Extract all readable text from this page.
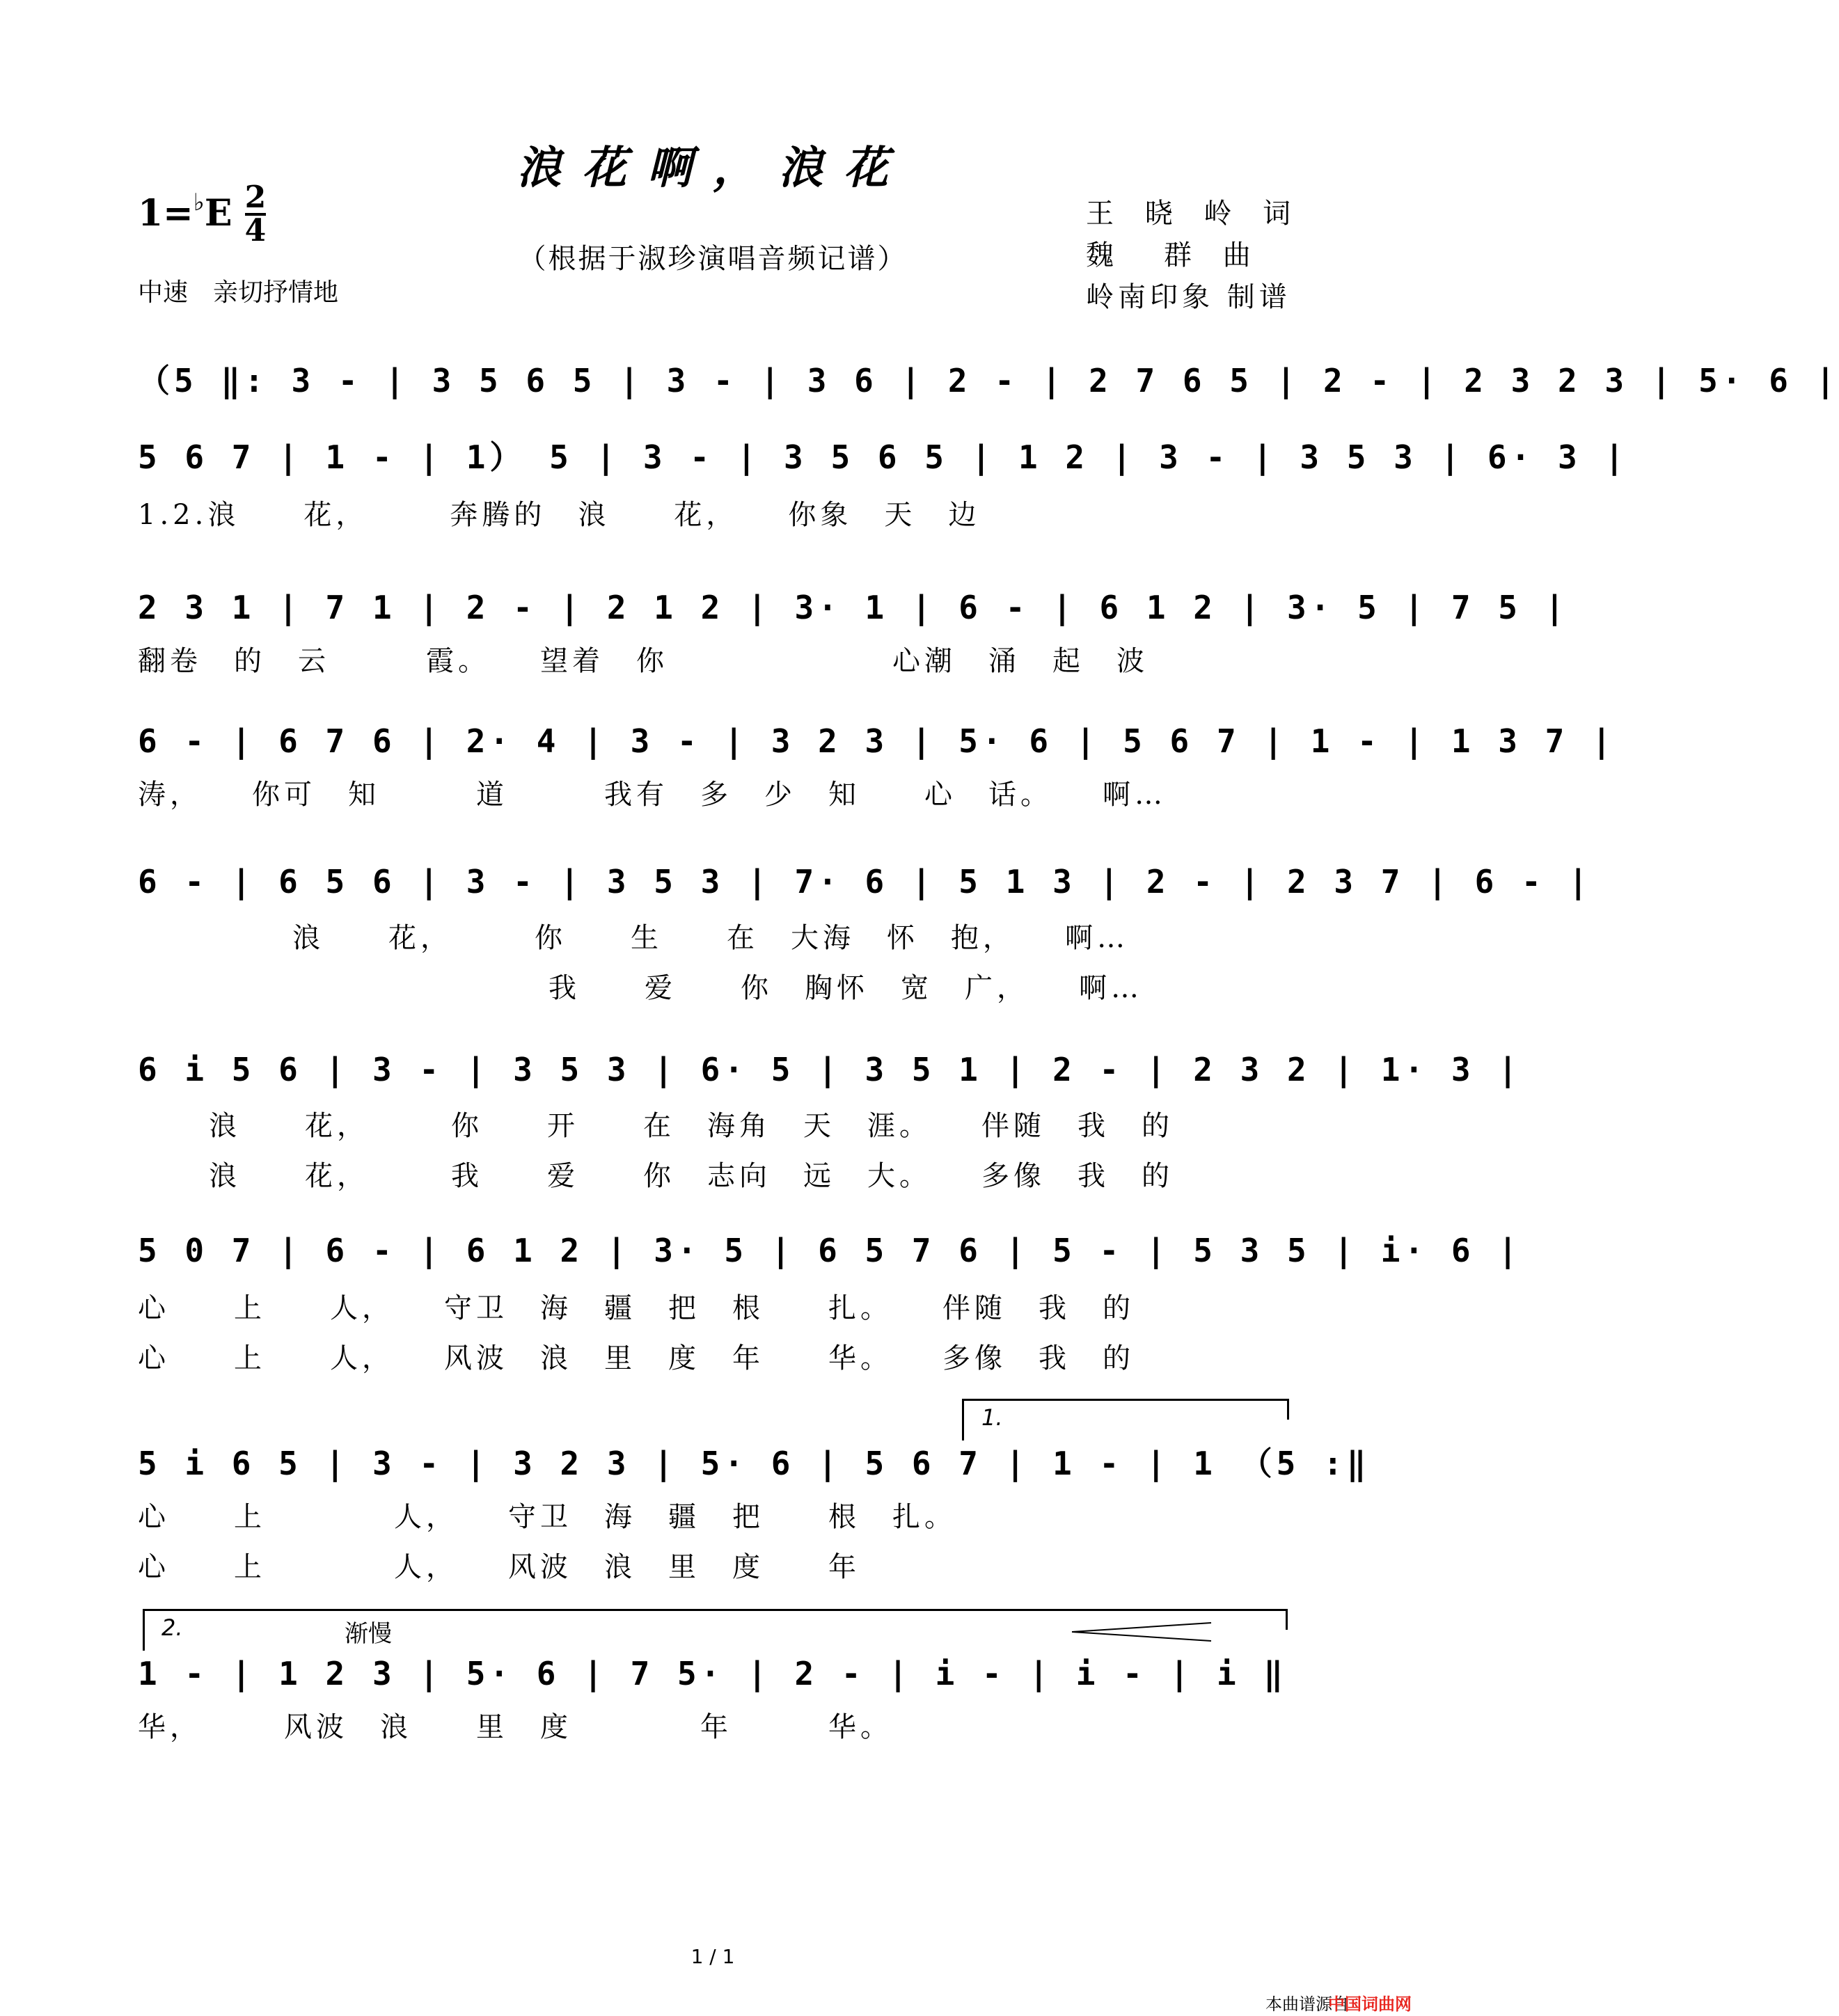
浪花啊，浪花
$1=^♭E \frac{2}{4}$
中速　亲切抒情地
（根据于淑珍演唱音频记谱）
王 晓 岭 词
魏　群 曲
岭南印象 制谱
（5 ‖: 3 - | 3 5 6 5 | 3 - | 3 6 | 2 - | 2 7 6 5 | 2 - | 2 3 2 3 | 5· 6 |
5 6 7 | 1 - | 1） 5 | 3 - | 3 5 6 5 | 1 2 | 3 - | 3 5 3 | 6· 3 |
1.2.浪　　花，　　　奔腾的　浪　　花，　　你象　天　边
2 3 1 | 7 1 | 2 - | 2 1 2 | 3· 1 | 6 - | 6 1 2 | 3· 5 | 7 5 |
翻卷　的　云　　　霞。　　望着　你　　　　　　　心潮　涌　起　波
6 - | 6 7 6 | 2· 4 | 3 - | 3 2 3 | 5· 6 | 5 6 7 | 1 - | 1 3 7 |
涛，　　你可　知　　　道　　　我有　多　少　知　　心　话。　　啊…
6 - | 6 5 6 | 3 - | 3 5 3 | 7· 6 | 5 1 3 | 2 - | 2 3 7 | 6 - |
浪　　花，　　　你　　生　　在　大海　怀　抱，　　啊…
　　　　　　　　我　　爱　　你　胸怀　宽　广，　　啊…
6 i 5 6 | 3 - | 3 5 3 | 6· 5 | 3 5 1 | 2 - | 2 3 2 | 1· 3 |
浪　　花，　　　你　　开　　在　海角　天　涯。　　伴随　我　的
浪　　花，　　　我　　爱　　你　志向　远　大。　　多像　我　的
5 0 7 | 6 - | 6 1 2 | 3· 5 | 6 5 7 6 | 5 - | 5 3 5 | i· 6 |
心　　上　　人，　　守卫　海　疆　把　根　　扎。　　伴随　我　的
心　　上　　人，　　风波　浪　里　度　年　　华。　　多像　我　的
1.
5 i 6 5 | 3 - | 3 2 3 | 5· 6 | 5 6 7 | 1 - | 1 （5 :‖
心　　上　　　　人，　　守卫　海　疆　把　　根　扎。
心　　上　　　　人，　　风波　浪　里　度　　年
2.	渐慢
1 - | 1 2 3 | 5· 6 | 7 5· | 2 - | i - | i - | i ‖
华，　　　风波　浪　　里　度　　　　年　　　华。
1 / 1
本曲谱源自
中国词曲网
